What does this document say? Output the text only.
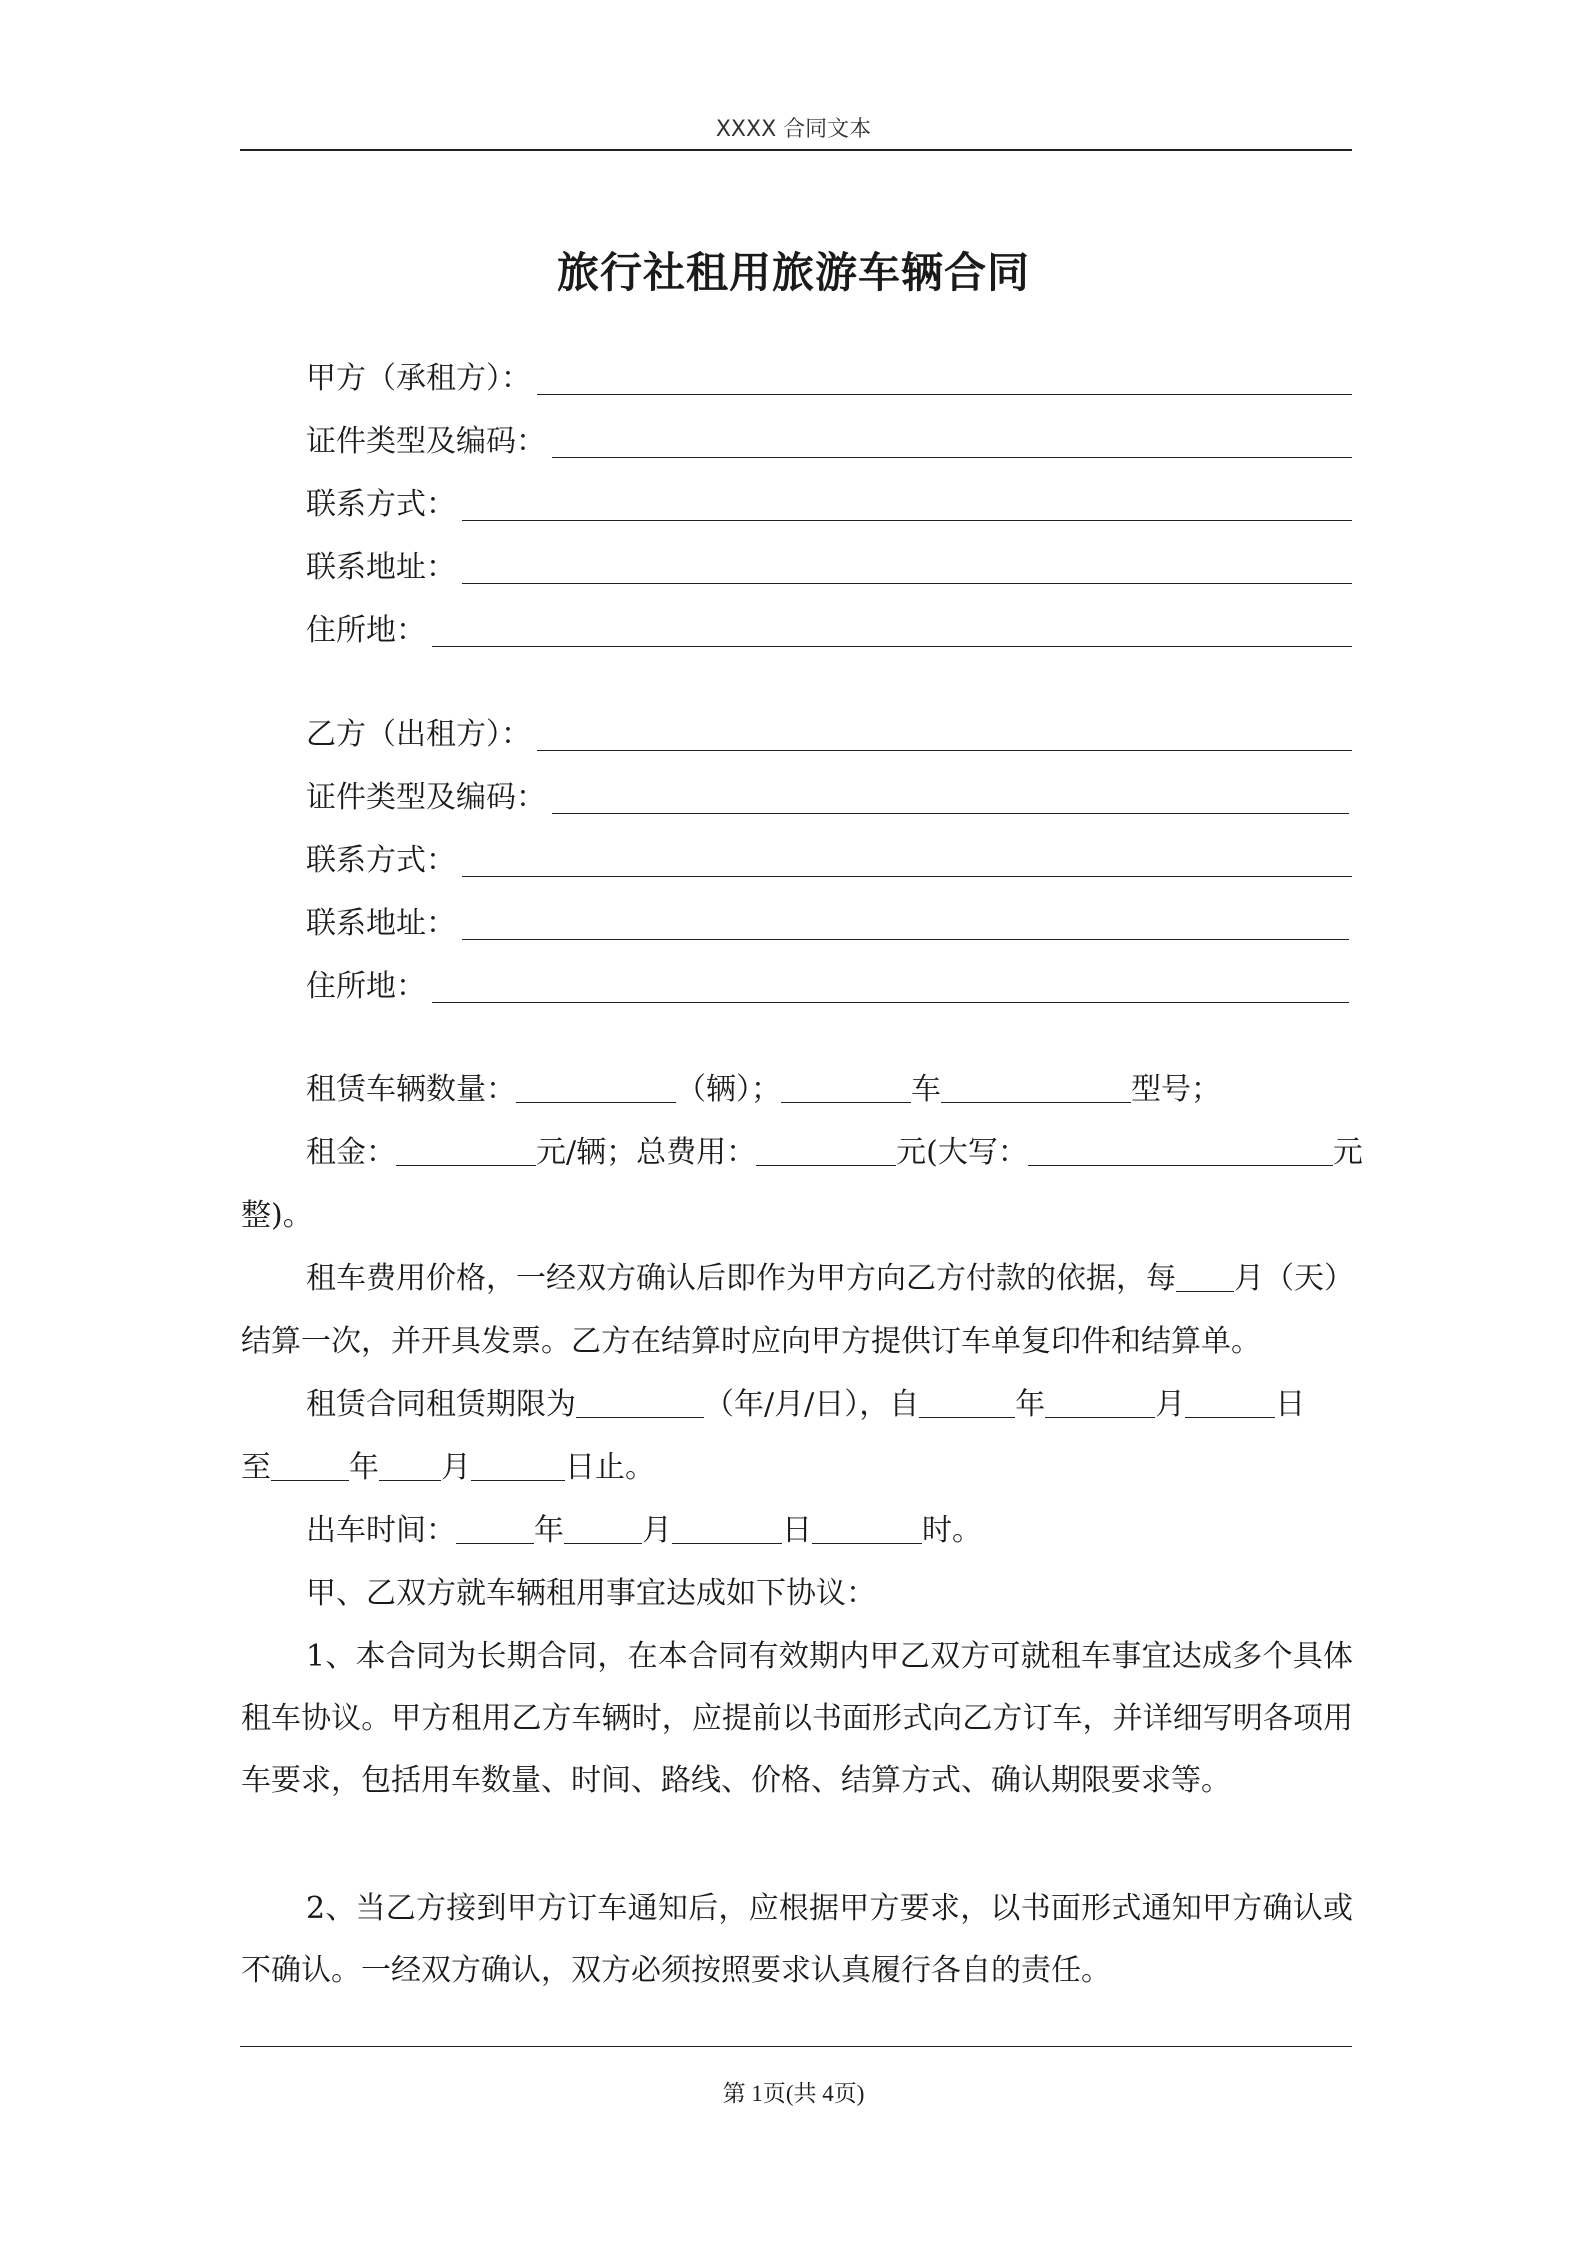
XXXX 合同文本
旅行社租用旅游车辆合同
甲方（承租方）：
证件类型及编码：
联系方式：
联系地址：
住所地：
乙方（出租方）：
证件类型及编码：
联系方式：
联系地址：
住所地：
租赁车辆数量：	（辆）；	车	型号；
租金：	元/辆；总费用：	元(大写：	元
整)。
租车费用价格，一经双方确认后即作为甲方向乙方付款的依据，每 月（天）
结算一次，并开具发票。乙方在结算时应向甲方提供订车单复印件和结算单。
租赁合同租赁期限为	（年/月/日），自	年	月	日
至	年 月	日止。
出车时间：	年	月	日	时。
甲、乙双方就车辆租用事宜达成如下协议：
1、本合同为长期合同，在本合同有效期内甲乙双方可就租车事宜达成多个具体租车协议。甲方租用乙方车辆时，应提前以书面形式向乙方订车，并详细写明各项用车要求，包括用车数量、时间、路线、价格、结算方式、确认期限要求等。
2、当乙方接到甲方订车通知后，应根据甲方要求，以书面形式通知甲方确认或不确认。一经双方确认，双方必须按照要求认真履行各自的责任。
第 1页(共 4页)
